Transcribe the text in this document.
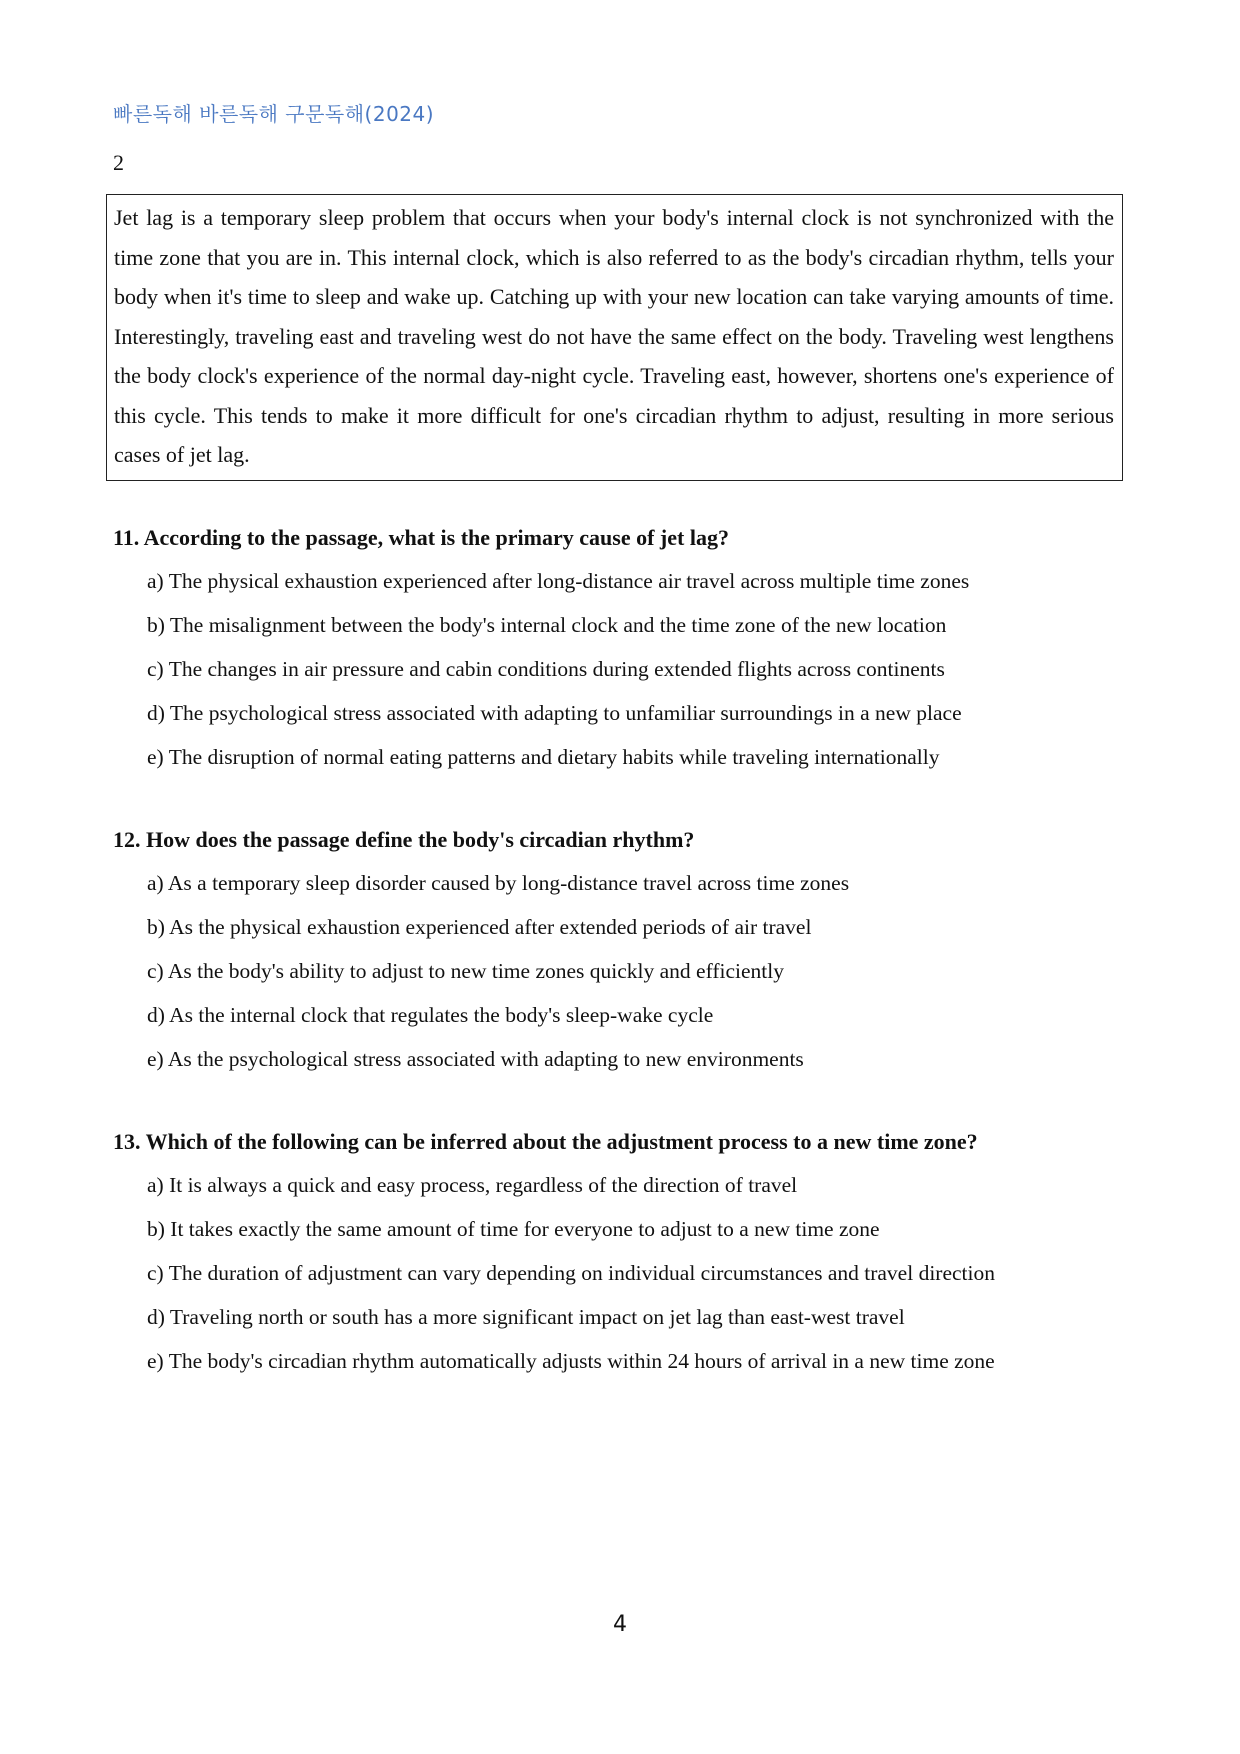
빠른독해 바른독해 구문독해(2024)
2
Jet lag is a temporary sleep problem that occurs when your body's internal clock is not synchronized with the time zone that you are in. This internal clock, which is also referred to as the body's circadian rhythm, tells your body when it's time to sleep and wake up. Catching up with your new location can take varying amounts of time. Interestingly, traveling east and traveling west do not have the same effect on the body. Traveling west lengthens the body clock's experience of the normal day-night cycle. Traveling east, however, shortens one's experience of this cycle. This tends to make it more difficult for one's circadian rhythm to adjust, resulting in more serious cases of jet lag.
11. According to the passage, what is the primary cause of jet lag?
a) The physical exhaustion experienced after long-distance air travel across multiple time zones
b) The misalignment between the body's internal clock and the time zone of the new location
c) The changes in air pressure and cabin conditions during extended flights across continents
d) The psychological stress associated with adapting to unfamiliar surroundings in a new place
e) The disruption of normal eating patterns and dietary habits while traveling internationally
12. How does the passage define the body's circadian rhythm?
a) As a temporary sleep disorder caused by long-distance travel across time zones
b) As the physical exhaustion experienced after extended periods of air travel
c) As the body's ability to adjust to new time zones quickly and efficiently
d) As the internal clock that regulates the body's sleep-wake cycle
e) As the psychological stress associated with adapting to new environments
13. Which of the following can be inferred about the adjustment process to a new time zone?
a) It is always a quick and easy process, regardless of the direction of travel
b) It takes exactly the same amount of time for everyone to adjust to a new time zone
c) The duration of adjustment can vary depending on individual circumstances and travel direction
d) Traveling north or south has a more significant impact on jet lag than east-west travel
e) The body's circadian rhythm automatically adjusts within 24 hours of arrival in a new time zone
4
